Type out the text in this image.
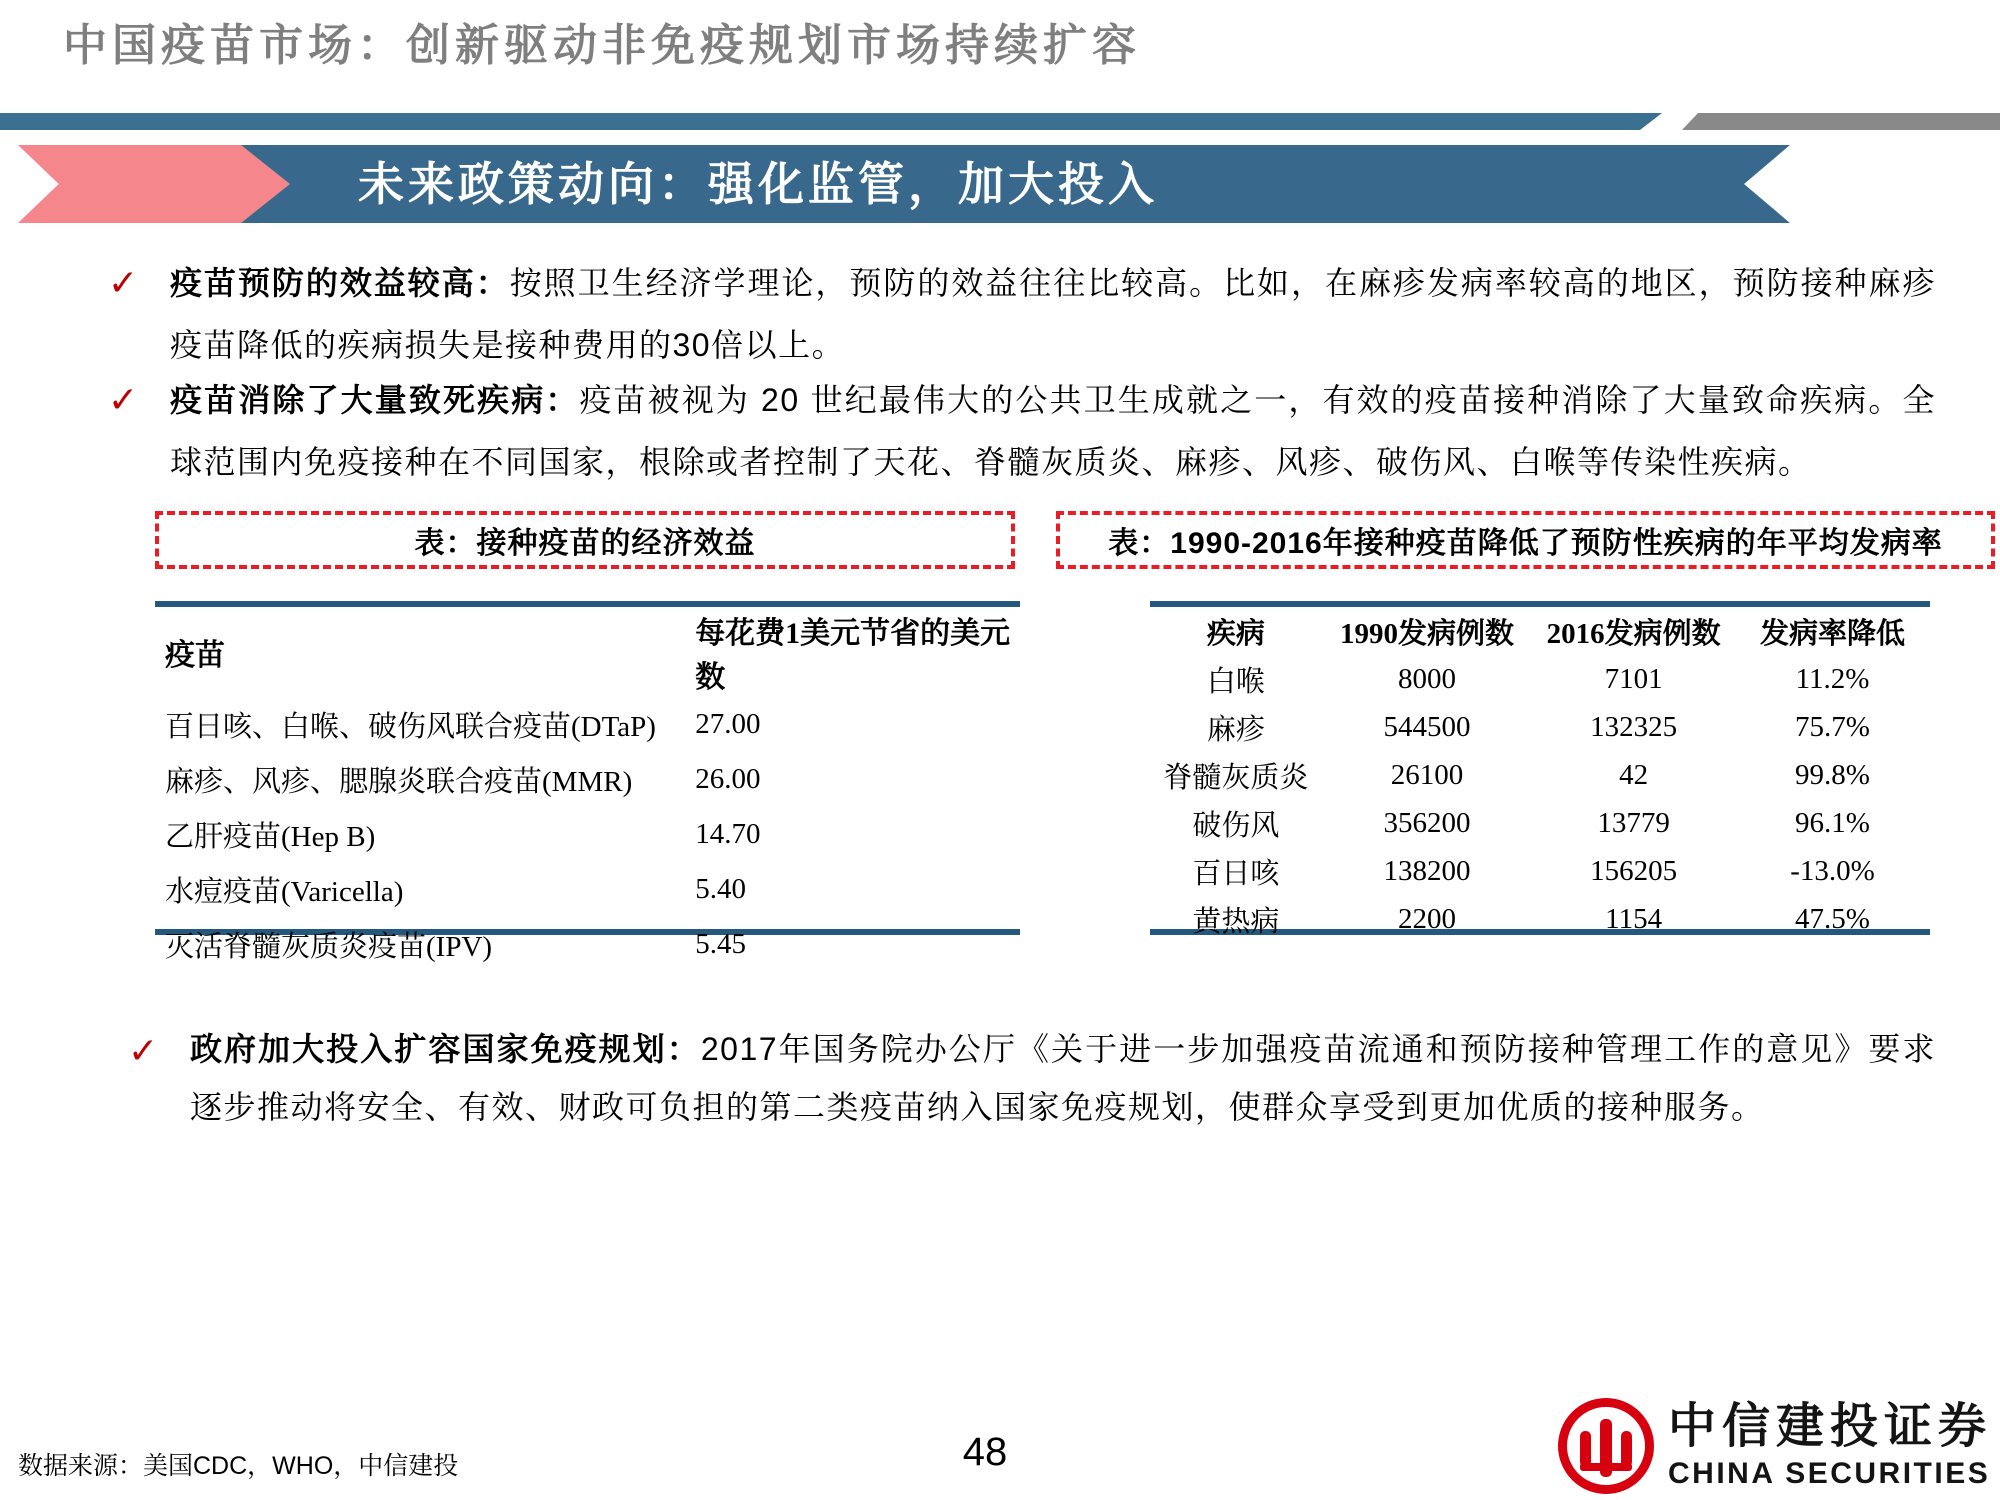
中国疫苗市场：创新驱动非免疫规划市场持续扩容
未来政策动向：强化监管，加大投入
✓ 疫苗预防的效益较高：按照卫生经济学理论，预防的效益往往比较高。比如，在麻疹发病率较高的地区，预防接种麻疹疫苗降低的疾病损失是接种费用的30倍以上。

✓ 疫苗消除了大量致死疾病：疫苗被视为 20 世纪最伟大的公共卫生成就之一，有效的疫苗接种消除了大量致命疾病。全球范围内免疫接种在不同国家，根除或者控制了天花、脊髓灰质炎、麻疹、风疹、破伤风、白喉等传染性疾病。

表：接种疫苗的经济效益	表：1990-2016年接种疫苗降低了预防性疾病的年平均发病率
疫苗	每花费1美元节省的美元数
百日咳、白喉、破伤风联合疫苗(DTaP)	27.00
麻疹、风疹、腮腺炎联合疫苗(MMR)	26.00
乙肝疫苗(Hep B)	14.70
水痘疫苗(Varicella)	5.40
灭活脊髓灰质炎疫苗(IPV)	5.45
疾病	1990发病例数	2016发病例数	发病率降低
白喉	8000	7101	11.2%
麻疹	544500	132325	75.7%
脊髓灰质炎	26100	42	99.8%
破伤风	356200	13779	96.1%
百日咳	138200	156205	-13.0%
黄热病	2200	1154	47.5%
✓ 政府加大投入扩容国家免疫规划：2017年国务院办公厅《关于进一步加强疫苗流通和预防接种管理工作的意见》要求逐步推动将安全、有效、财政可负担的第二类疫苗纳入国家免疫规划，使群众享受到更加优质的接种服务。

数据来源：美国CDC，WHO，中信建投	48	中信建投证券
CHINA SECURITIES
